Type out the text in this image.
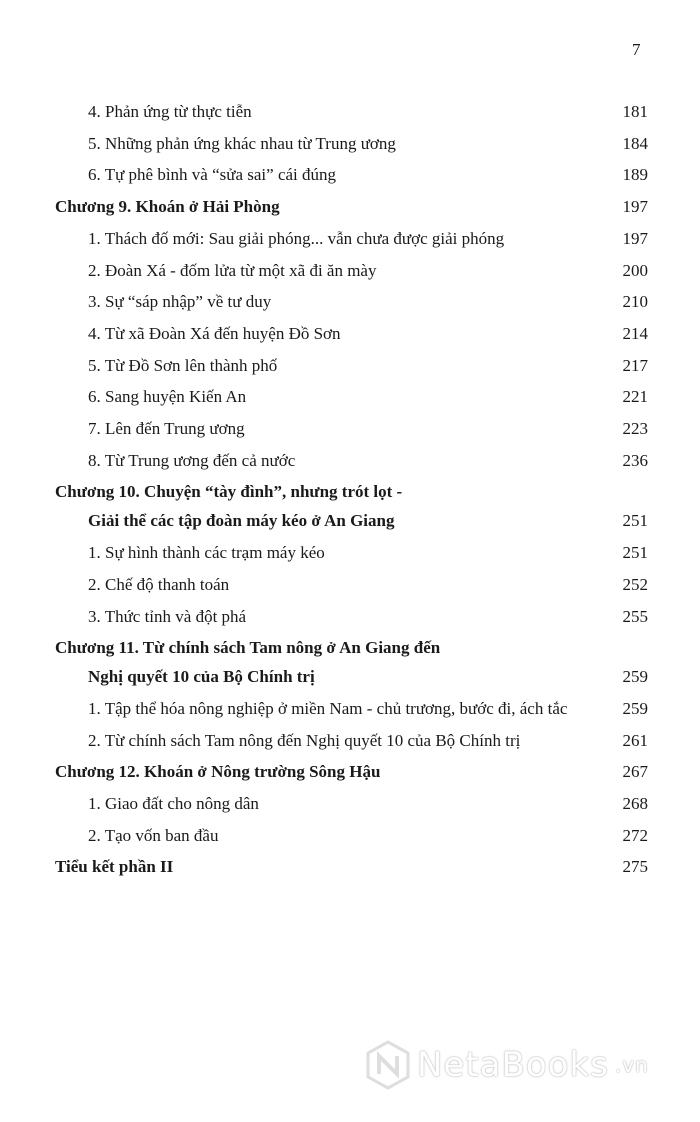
7
4. Phản ứng từ thực tiễn	181
5. Những phản ứng khác nhau từ Trung ương	184
6. Tự phê bình và “sửa sai” cái đúng	189
Chương 9. Khoán ở Hải Phòng	197
1. Thách đố mới: Sau giải phóng... vẫn chưa được giải phóng	197
2. Đoàn Xá - đốm lửa từ một xã đi ăn mày	200
3. Sự “sáp nhập” về tư duy	210
4. Từ xã Đoàn Xá đến huyện Đồ Sơn	214
5. Từ Đồ Sơn lên thành phố	217
6. Sang huyện Kiến An	221
7. Lên đến Trung ương	223
8. Từ Trung ương đến cả nước	236
Chương 10. Chuyện “tày đình”, nhưng trót lọt -
Giải thể các tập đoàn máy kéo ở An Giang	251
1. Sự hình thành các trạm máy kéo	251
2. Chế độ thanh toán	252
3. Thức tỉnh và đột phá	255
Chương 11. Từ chính sách Tam nông ở An Giang đến
Nghị quyết 10 của Bộ Chính trị	259
1. Tập thể hóa nông nghiệp ở miền Nam - chủ trương, bước đi, ách tắc	259
2. Từ chính sách Tam nông đến Nghị quyết 10 của Bộ Chính trị	261
Chương 12. Khoán ở Nông trường Sông Hậu	267
1. Giao đất cho nông dân	268
2. Tạo vốn ban đầu	272
Tiểu kết phần II	275
NetaBooks .vn
